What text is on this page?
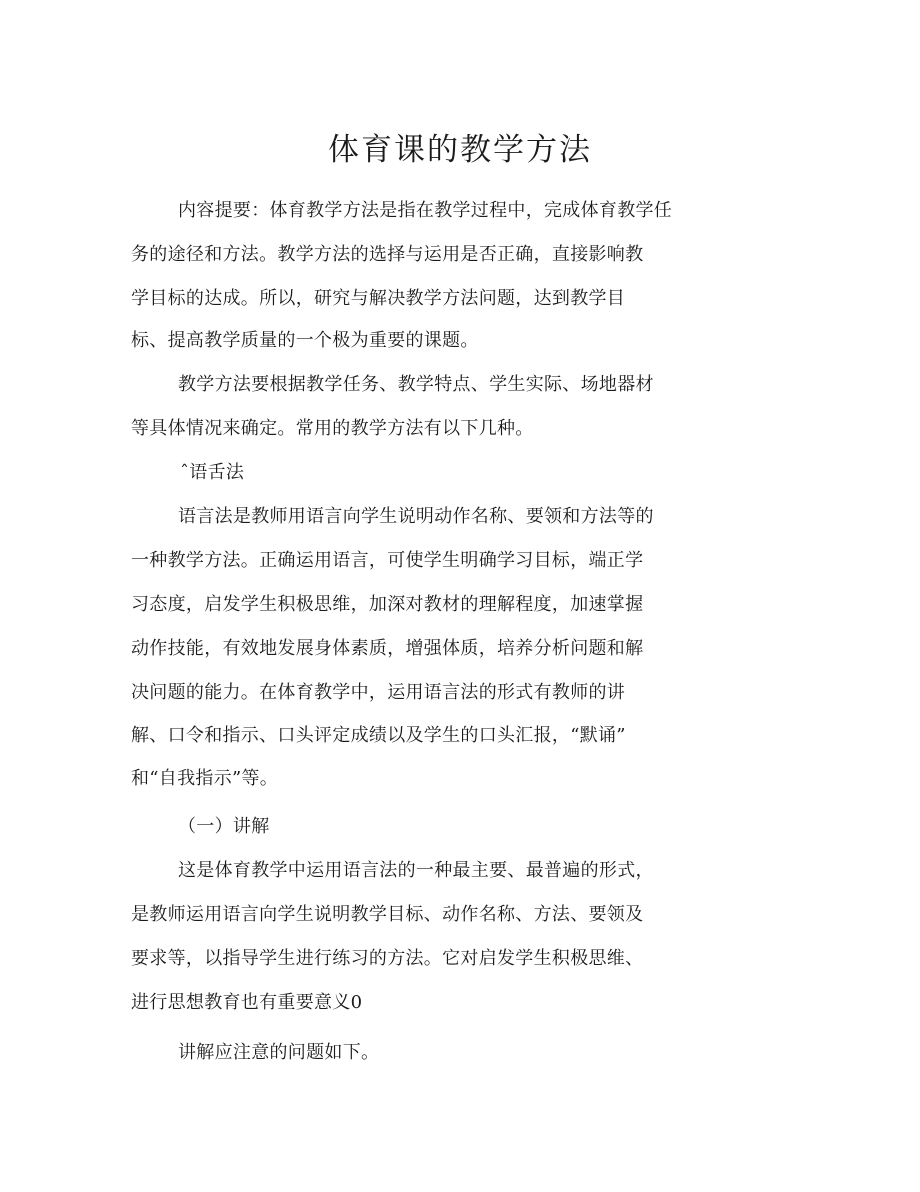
体育课的教学方法
内容提要：体育教学方法是指在教学过程中，完成体育教学任
务的途径和方法。教学方法的选择与运用是否正确，直接影响教
学目标的达成。所以，研究与解决教学方法问题，达到教学目
标、提高教学质量的一个极为重要的课题。
教学方法要根据教学任务、教学特点、学生实际、场地器材
等具体情况来确定。常用的教学方法有以下几种。
ˆ语舌法
语言法是教师用语言向学生说明动作名称、要领和方法等的
一种教学方法。正确运用语言，可使学生明确学习目标，端正学
习态度，启发学生积极思维，加深对教材的理解程度，加速掌握
动作技能，有效地发展身体素质，增强体质，培养分析问题和解
决问题的能力。在体育教学中，运用语言法的形式有教师的讲
解、口令和指示、口头评定成绩以及学生的口头汇报，“默诵”
和“自我指示”等。
（一）讲解
这是体育教学中运用语言法的一种最主要、最普遍的形式，
是教师运用语言向学生说明教学目标、动作名称、方法、要领及
要求等，以指导学生进行练习的方法。它对启发学生积极思维、
进行思想教育也有重要意义0
讲解应注意的问题如下。
